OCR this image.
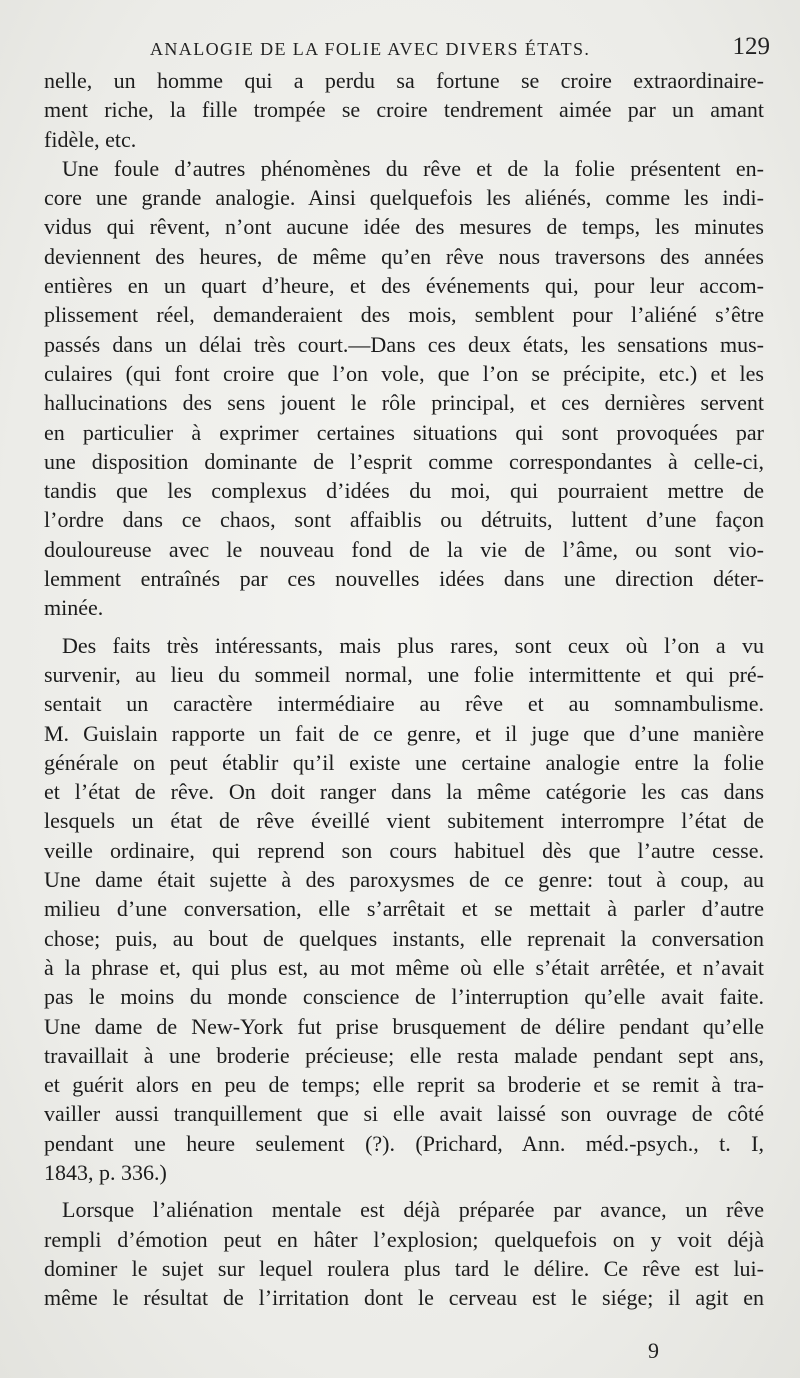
ANALOGIE DE LA FOLIE AVEC DIVERS ÉTATS.	129
nelle, un homme qui a perdu sa fortune se croire extraordinaire-
ment riche, la fille trompée se croire tendrement aimée par un amant
fidèle, etc.
Une foule d’autres phénomènes du rêve et de la folie présentent en-
core une grande analogie. Ainsi quelquefois les aliénés, comme les indi-
vidus qui rêvent, n’ont aucune idée des mesures de temps, les minutes
deviennent des heures, de même qu’en rêve nous traversons des années
entières en un quart d’heure, et des événements qui, pour leur accom-
plissement réel, demanderaient des mois, semblent pour l’aliéné s’être
passés dans un délai très court.—Dans ces deux états, les sensations mus-
culaires (qui font croire que l’on vole, que l’on se précipite, etc.) et les
hallucinations des sens jouent le rôle principal, et ces dernières servent
en particulier à exprimer certaines situations qui sont provoquées par
une disposition dominante de l’esprit comme correspondantes à celle-ci,
tandis que les complexus d’idées du moi, qui pourraient mettre de
l’ordre dans ce chaos, sont affaiblis ou détruits, luttent d’une façon
douloureuse avec le nouveau fond de la vie de l’âme, ou sont vio-
lemment entraînés par ces nouvelles idées dans une direction déter-
minée.
Des faits très intéressants, mais plus rares, sont ceux où l’on a vu
survenir, au lieu du sommeil normal, une folie intermittente et qui pré-
sentait un caractère intermédiaire au rêve et au somnambulisme.
M. Guislain rapporte un fait de ce genre, et il juge que d’une manière
générale on peut établir qu’il existe une certaine analogie entre la folie
et l’état de rêve. On doit ranger dans la même catégorie les cas dans
lesquels un état de rêve éveillé vient subitement interrompre l’état de
veille ordinaire, qui reprend son cours habituel dès que l’autre cesse.
Une dame était sujette à des paroxysmes de ce genre: tout à coup, au
milieu d’une conversation, elle s’arrêtait et se mettait à parler d’autre
chose; puis, au bout de quelques instants, elle reprenait la conversation
à la phrase et, qui plus est, au mot même où elle s’était arrêtée, et n’avait
pas le moins du monde conscience de l’interruption qu’elle avait faite.
Une dame de New-York fut prise brusquement de délire pendant qu’elle
travaillait à une broderie précieuse; elle resta malade pendant sept ans,
et guérit alors en peu de temps; elle reprit sa broderie et se remit à tra-
vailler aussi tranquillement que si elle avait laissé son ouvrage de côté
pendant une heure seulement (?). (Prichard, Ann. méd.-psych., t. I,
1843, p. 336.)
Lorsque l’aliénation mentale est déjà préparée par avance, un rêve
rempli d’émotion peut en hâter l’explosion; quelquefois on y voit déjà
dominer le sujet sur lequel roulera plus tard le délire. Ce rêve est lui-
même le résultat de l’irritation dont le cerveau est le siége; il agit en
9
